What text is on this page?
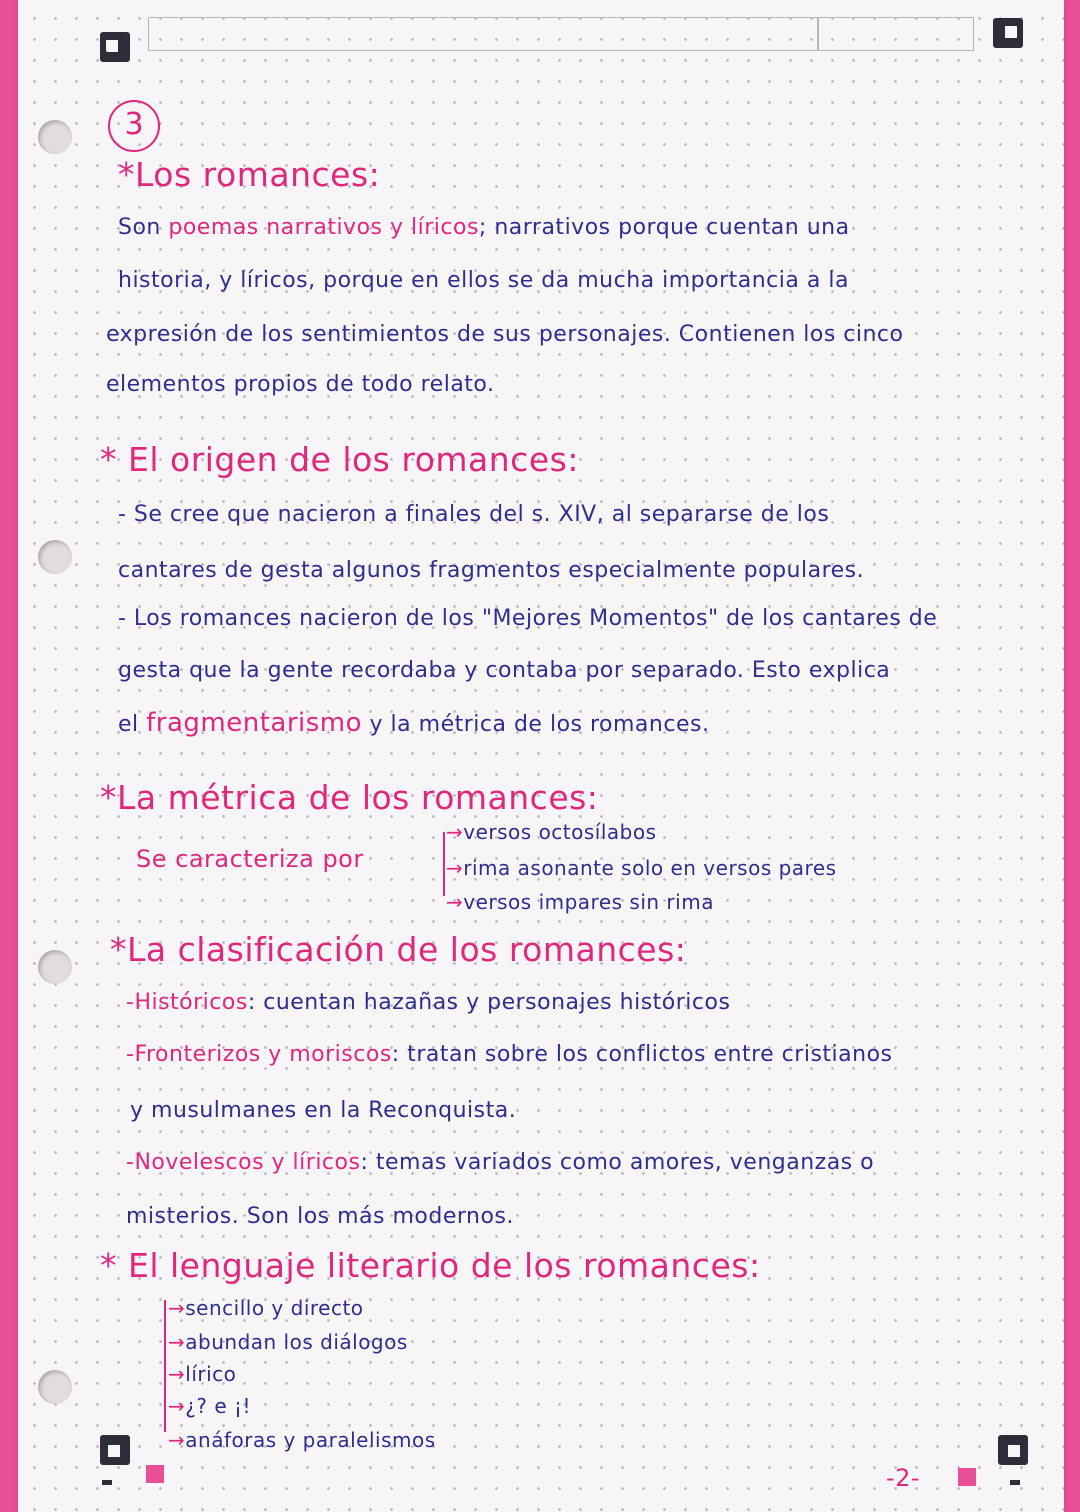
3
*Los romances:
Son poemas narrativos y líricos; narrativos porque cuentan una
historia, y líricos, porque en ellos se da mucha importancia a la
expresión de los sentimientos de sus personajes. Contienen los cinco
elementos propios de todo relato.
* El origen de los romances:
- Se cree que nacieron a finales del s. XIV, al separarse de los
cantares de gesta algunos fragmentos especialmente populares.
- Los romances nacieron de los "Mejores Momentos" de los cantares de
gesta que la gente recordaba y contaba por separado. Esto explica
el fragmentarismo y la métrica de los romances.
*La métrica de los romances:
Se caracteriza por
→versos octosílabos
→rima asonante solo en versos pares
→versos impares sin rima
*La clasificación de los romances:
-Históricos: cuentan hazañas y personajes históricos
-Fronterizos y moriscos: tratan sobre los conflictos entre cristianos
y musulmanes en la Reconquista.
-Novelescos y líricos: temas variados como amores, venganzas o
misterios. Son los más modernos.
* El lenguaje literario de los romances:
→sencillo y directo
→abundan los diálogos
→lírico
→¿? e ¡!
→anáforas y paralelismos
-2-
